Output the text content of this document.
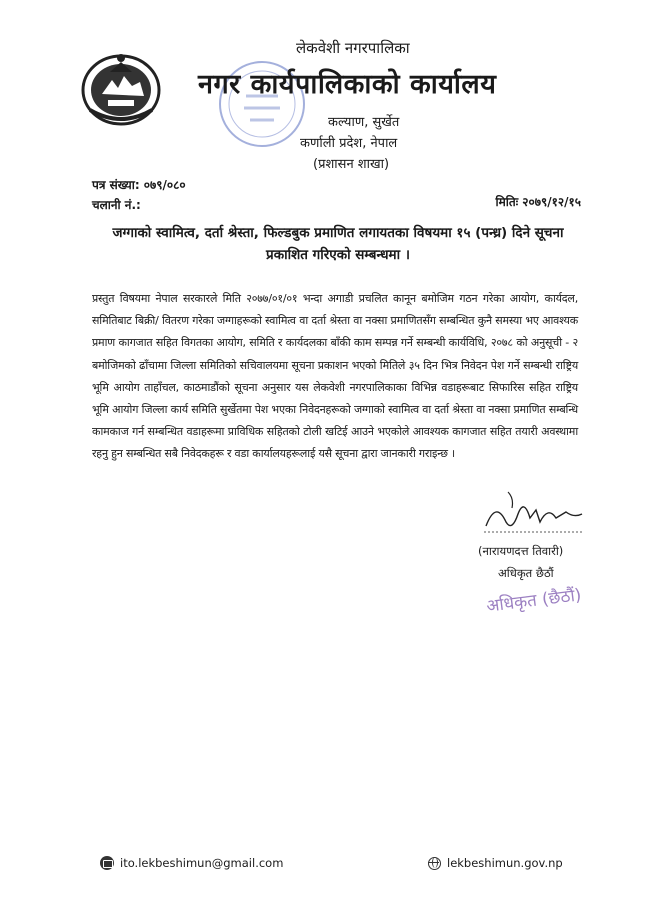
लेकवेशी नगरपालिका
नगर कार्यपालिकाको कार्यालय
कल्याण, सुर्खेत
कर्णाली प्रदेश, नेपाल
(प्रशासन शाखा)
पत्र संख्या: ०७९/०८०
चलानी नं.:	मितिः २०७९/१२/१५
जग्गाको स्वामित्व, दर्ता श्रेस्ता, फिल्डबुक प्रमाणित लगायतका विषयमा १५ (पन्ध्र) दिने सूचना
प्रकाशित गरिएको सम्बन्धमा ।
प्रस्तुत विषयमा नेपाल सरकारले मिति २०७७/०१/०१ भन्दा अगाडी प्रचलित कानून बमोजिम गठन गरेका आयोग, कार्यदल, समितिबाट बिक्री/ वितरण गरेका जग्गाहरूको स्वामित्व वा दर्ता श्रेस्ता वा नक्सा प्रमाणितसँग सम्बन्धित कुनै समस्या भए आवश्यक प्रमाण कागजात सहित विगतका आयोग, समिति र कार्यदलका बाँकी काम सम्पन्न गर्ने सम्बन्धी कार्यविधि, २०७८ को अनुसूची - २ बमोजिमको ढाँचामा जिल्ला समितिको सचिवालयमा सूचना प्रकाशन भएको मितिले ३५ दिन भित्र निवेदन पेश गर्ने सम्बन्धी राष्ट्रिय भूमि आयोग ताहाँचल, काठमाडौंको सूचना अनुसार यस लेकवेशी नगरपालिकाका विभिन्न वडाहरूबाट सिफारिस सहित राष्ट्रिय भूमि आयोग जिल्ला कार्य समिति सुर्खेतमा पेश भएका निवेदनहरूको जग्गाको स्वामित्व वा दर्ता श्रेस्ता वा नक्सा प्रमाणित सम्बन्धि कामकाज गर्न सम्बन्धित वडाहरूमा प्राविधिक सहितको टोली खटिई आउने भएकोले आवश्यक कागजात सहित तयारी अवस्थामा रहनु हुन सम्बन्धित सबै निवेदकहरू र वडा कार्यालयहरूलाई यसै सूचना द्वारा जानकारी गराइन्छ ।
(नारायणदत्त तिवारी)
अधिकृत छैठौं
अधिकृत (छैठौं)
ito.lekbeshimun@gmail.com	lekbeshimun.gov.np
